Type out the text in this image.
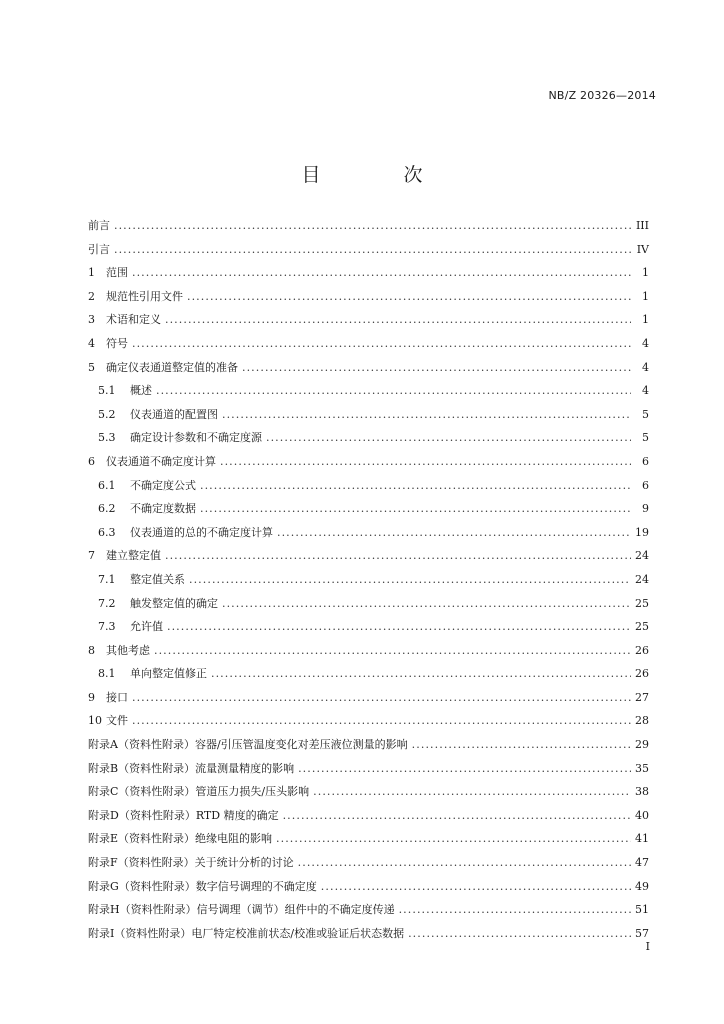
NB/Z 20326—2014
目　次
前言 . . .	III
引言 . . .	IV
1	范围 . . .	1
2	规范性引用文件 . . .	1
3	术语和定义 . . .	1
4	符号 . . .	4
5	确定仪表通道整定值的准备 . . .	4
5.1	概述 . . .	4
5.2	仪表通道的配置图 . . .	5
5.3	确定设计参数和不确定度源 . . .	5
6	仪表通道不确定度计算 . . .	6
6.1	不确定度公式 . . .	6
6.2	不确定度数据 . . .	9
6.3	仪表通道的总的不确定度计算 . . .	19
7	建立整定值 . . .	24
7.1	整定值关系 . . .	24
7.2	触发整定值的确定 . . .	25
7.3	允许值 . . .	25
8	其他考虑 . . .	26
8.1	单向整定值修正 . . .	26
9	接口 . . .	27
10 文件 . . .	28
附录A（资料性附录） 容器/引压管温度变化对差压液位测量的影响 . . .	29
附录B（资料性附录） 流量测量精度的影响 . . .	35
附录C（资料性附录） 管道压力损失/压头影响 . . .	38
附录D（资料性附录） RTD 精度的确定 . . .	40
附录E（资料性附录） 绝缘电阻的影响 . . .	41
附录F（资料性附录） 关于统计分析的讨论 . . .	47
附录G（资料性附录） 数字信号调理的不确定度 . . .	49
附录H（资料性附录） 信号调理（调节）组件中的不确定度传递 . . .	51
附录I（资料性附录） 电厂特定校准前状态/校准或验证后状态数据 . . .	57
I
